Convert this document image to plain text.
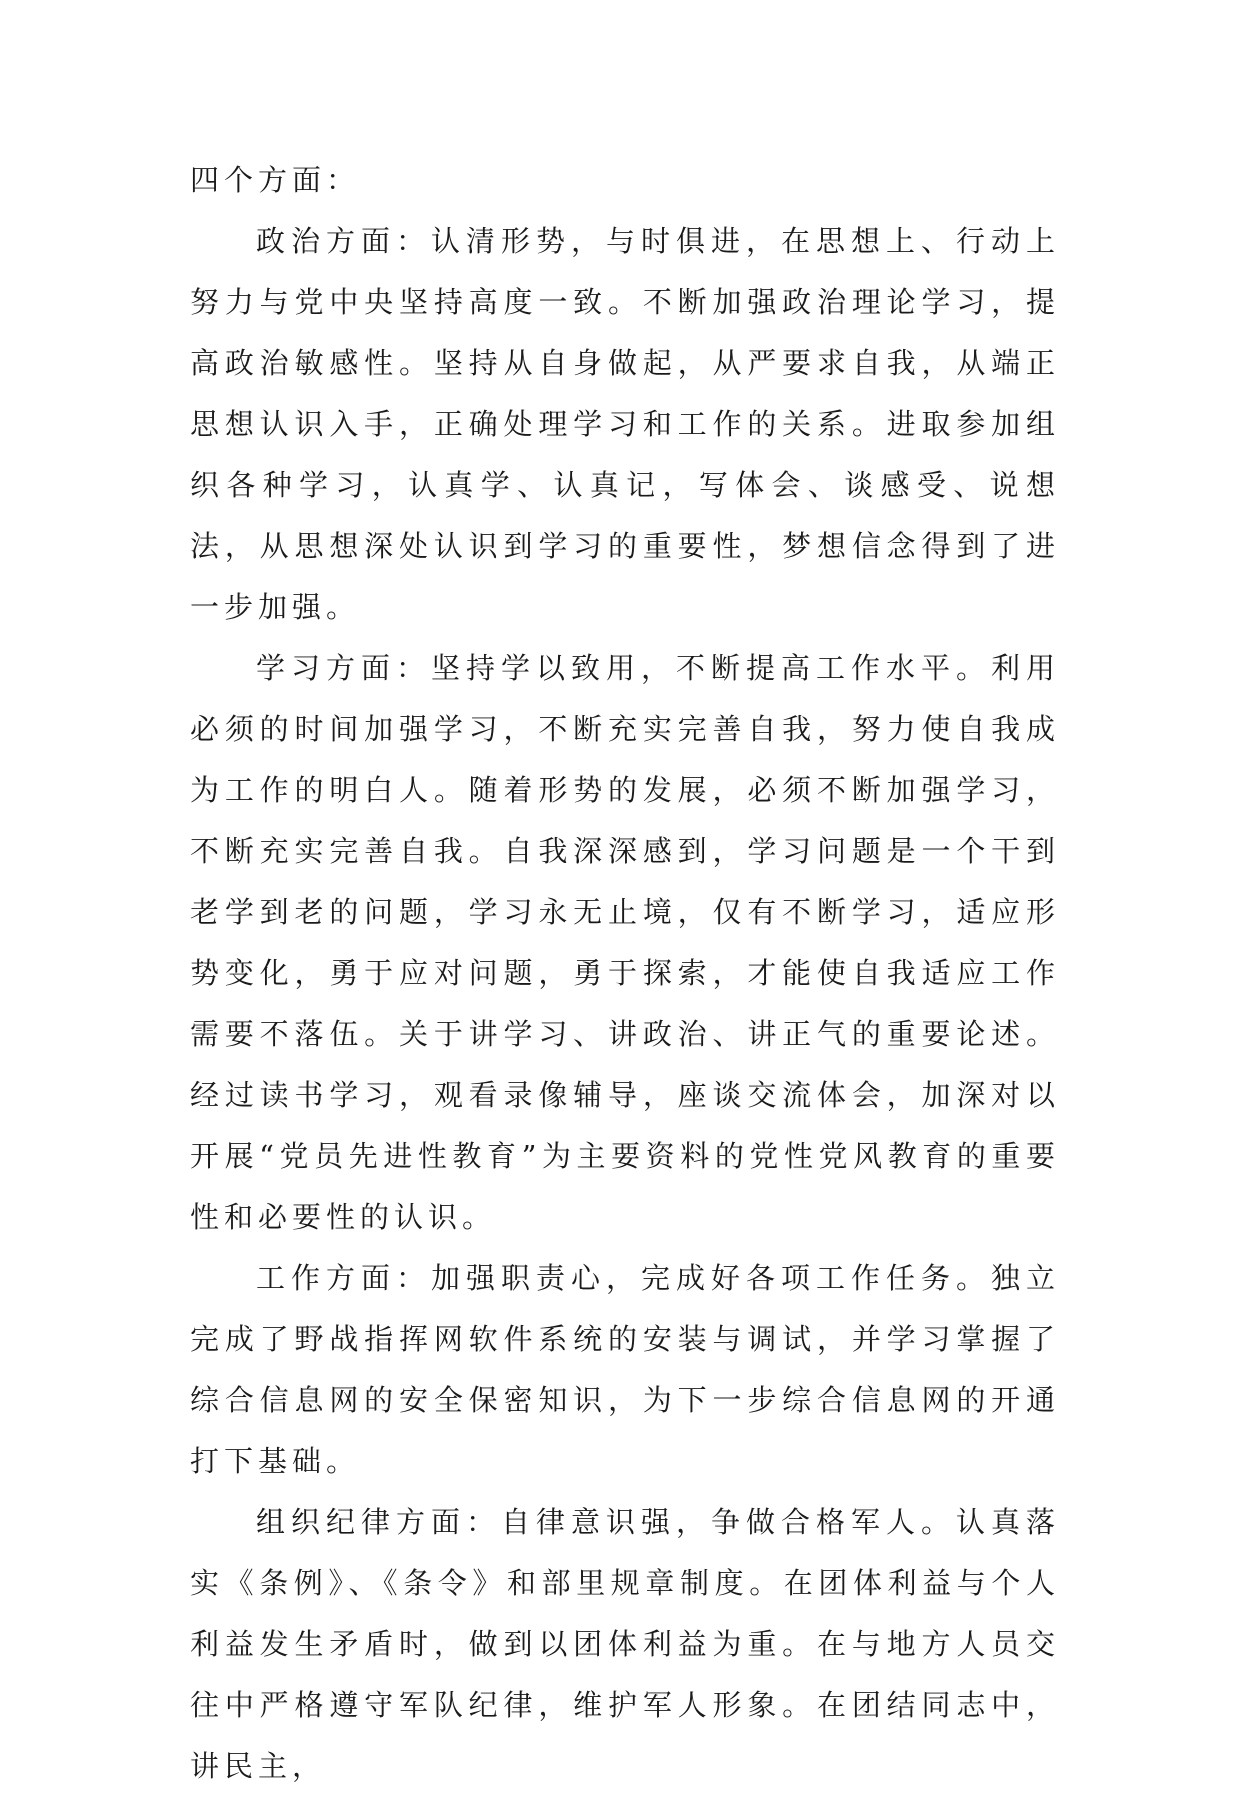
四个方面：

政治方面：认清形势，与时俱进，在思想上、行动上努力与党中央坚持高度一致。不断加强政治理论学习，提高政治敏感性。坚持从自身做起，从严要求自我，从端正思想认识入手，正确处理学习和工作的关系。进取参加组织各种学习，认真学、认真记，写体会、谈感受、说想法，从思想深处认识到学习的重要性，梦想信念得到了进一步加强。

学习方面：坚持学以致用，不断提高工作水平。利用必须的时间加强学习，不断充实完善自我，努力使自我成为工作的明白人。随着形势的发展，必须不断加强学习，不断充实完善自我。自我深深感到，学习问题是一个干到老学到老的问题，学习永无止境，仅有不断学习，适应形势变化，勇于应对问题，勇于探索，才能使自我适应工作需要不落伍。关于讲学习、讲政治、讲正气的重要论述。经过读书学习，观看录像辅导，座谈交流体会，加深对以开展“党员先进性教育”为主要资料的党性党风教育的重要性和必要性的认识。

工作方面：加强职责心，完成好各项工作任务。独立完成了野战指挥网软件系统的安装与调试，并学习掌握了综合信息网的安全保密知识，为下一步综合信息网的开通打下基础。

组织纪律方面：自律意识强，争做合格军人。认真落实《条例》、《条令》和部里规章制度。在团体利益与个人利益发生矛盾时，做到以团体利益为重。在与地方人员交往中严格遵守军队纪律，维护军人形象。在团结同志中，讲民主，
